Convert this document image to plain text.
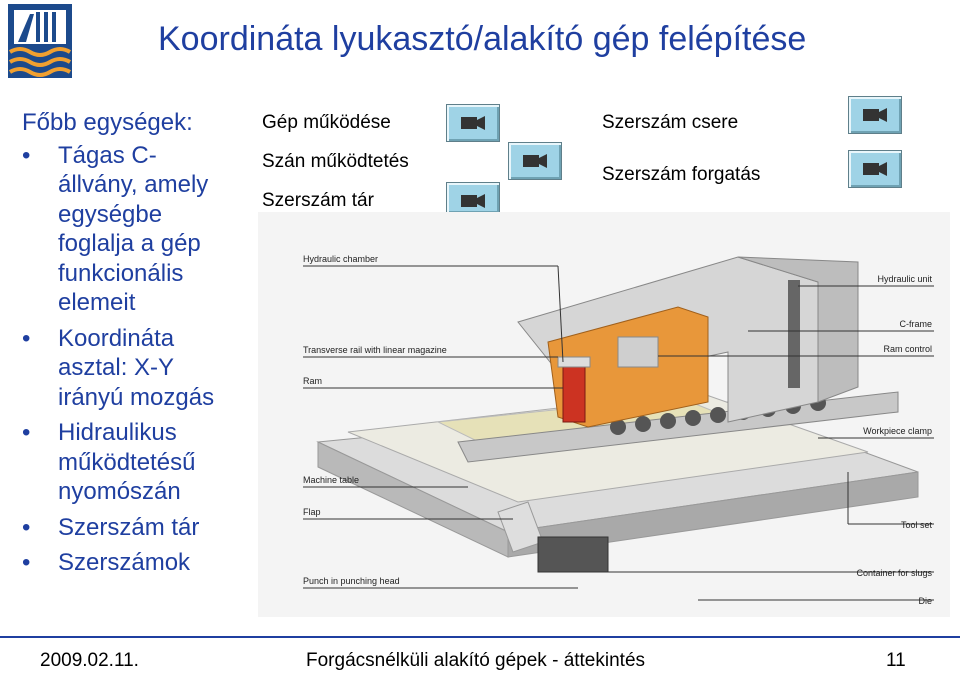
Koordináta lyukasztó/alakító gép felépítése
Főbb egységek:
• Tágas C-
állvány, amely
egységbe
foglalja a gép
funkcionális
elemeit
• Koordináta
asztal: X-Y
irányú mozgás
• Hidraulikus
működtetésű
nyomószán
• Szerszám tár
• Szerszámok
Gép működése
Szán működtetés
Szerszám tár
Szerszám csere
Szerszám forgatás
Hydraulic chamber
Transverse rail with linear magazine
Ram
Machine table
Flap
Punch in punching head
Hydraulic unit
C-frame
Ram control
Workpiece clamp
Tool set
Container for slugs
Die
2009.02.11.	Forgácsnélküli alakító gépek - áttekintés	11
